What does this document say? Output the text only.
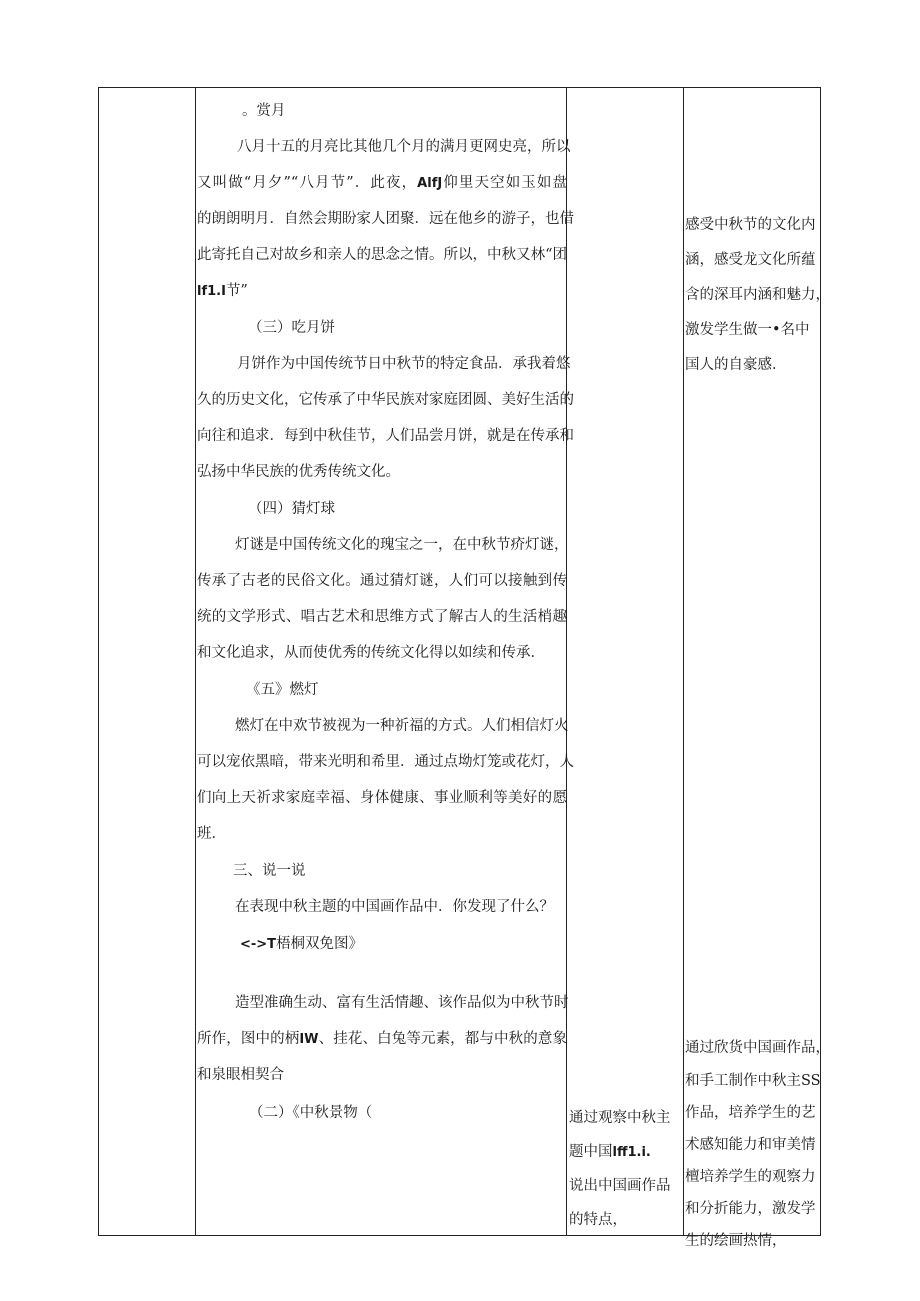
。赏月
八月十五的月亮比其他几个月的满月更网史亮，所以
又叫做“月夕”“八月节”．此夜，AlfJ仰里天空如玉如盘
的朗朗明月．自然会期盼家人团聚．远在他乡的游子，也借
此寄托自己对故乡和亲人的思念之情。所以，中秋又林“团
lf1.I节”
（三）吃月饼
月饼作为中国传统节日中秋节的特定食品．承我着悠
久的历史文化，它传承了中华民族对家庭团圆、美好生活的
向往和追求．每到中秋佳节，人们品尝月饼，就是在传承和
弘扬中华民族的优秀传统文化。
（四）猜灯球
灯谜是中国传统文化的瑰宝之一，在中秋节疥灯谜，
传承了古老的民俗文化。通过猜灯谜，人们可以接触到传
统的文学形式、唱古艺术和思维方式了解古人的生活梢趣
和文化追求，从而使优秀的传统文化得以如续和传承．
《五》燃灯
燃灯在中欢节被视为一种祈福的方式。人们相信灯火
可以宠依黑暗，带来光明和希里．通过点坳灯笼或花灯，人
们向上天祈求家庭幸福、身体健康、事业顺利等美好的愿
班．
三、说一说
在表现中秋主题的中国画作品中．你发现了什么？
<->T梧桐双免图》
造型准确生动、富有生活情趣、该作品似为中秋节时
所作，图中的柄IW、挂花、白兔等元素，都与中秋的意象
和泉眼相契合
（二）《中秋景物（	通过观察中秋主
题中国lff1.i.
说出中国画作品
的特点，
感受中秋节的文化内
涵，感受龙文化所蕴
含的深耳内涵和魅力，
激发学生做一•名中
国人的自豪感．
通过欣货中国画作品，
和手工制作中秋主SS
作品，培养学生的艺
术感知能力和审美情
檀培养学生的观察力
和分折能力，激发学
生的绘画热情，
